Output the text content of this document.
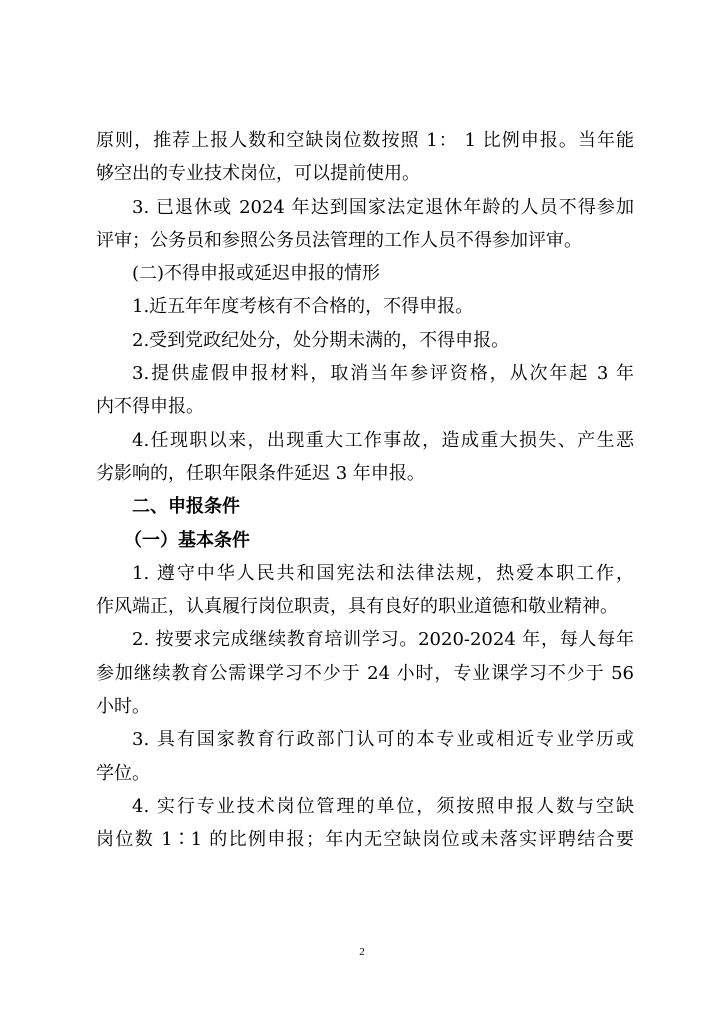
原则，推荐上报人数和空缺岗位数按照 1： 1 比例申报。当年能

够空出的专业技术岗位，可以提前使用。

3. 已退休或 2024 年达到国家法定退休年龄的人员不得参加

评审；公务员和参照公务员法管理的工作人员不得参加评审。

(二)不得申报或延迟申报的情形

1.近五年年度考核有不合格的，不得申报。

2.受到党政纪处分，处分期未满的，不得申报。

3.提供虚假申报材料，取消当年参评资格，从次年起 3 年

内不得申报。

4.任现职以来，出现重大工作事故，造成重大损失、产生恶

劣影响的，任职年限条件延迟 3 年申报。

二、申报条件

（一）基本条件

1. 遵守中华人民共和国宪法和法律法规，热爱本职工作，

作风端正，认真履行岗位职责，具有良好的职业道德和敬业精神。

2. 按要求完成继续教育培训学习。2020-2024 年，每人每年

参加继续教育公需课学习不少于 24 小时，专业课学习不少于 56

小时。

3. 具有国家教育行政部门认可的本专业或相近专业学历或

学位。

4. 实行专业技术岗位管理的单位，须按照申报人数与空缺

岗位数 1∶1 的比例申报；年内无空缺岗位或未落实评聘结合要

2
